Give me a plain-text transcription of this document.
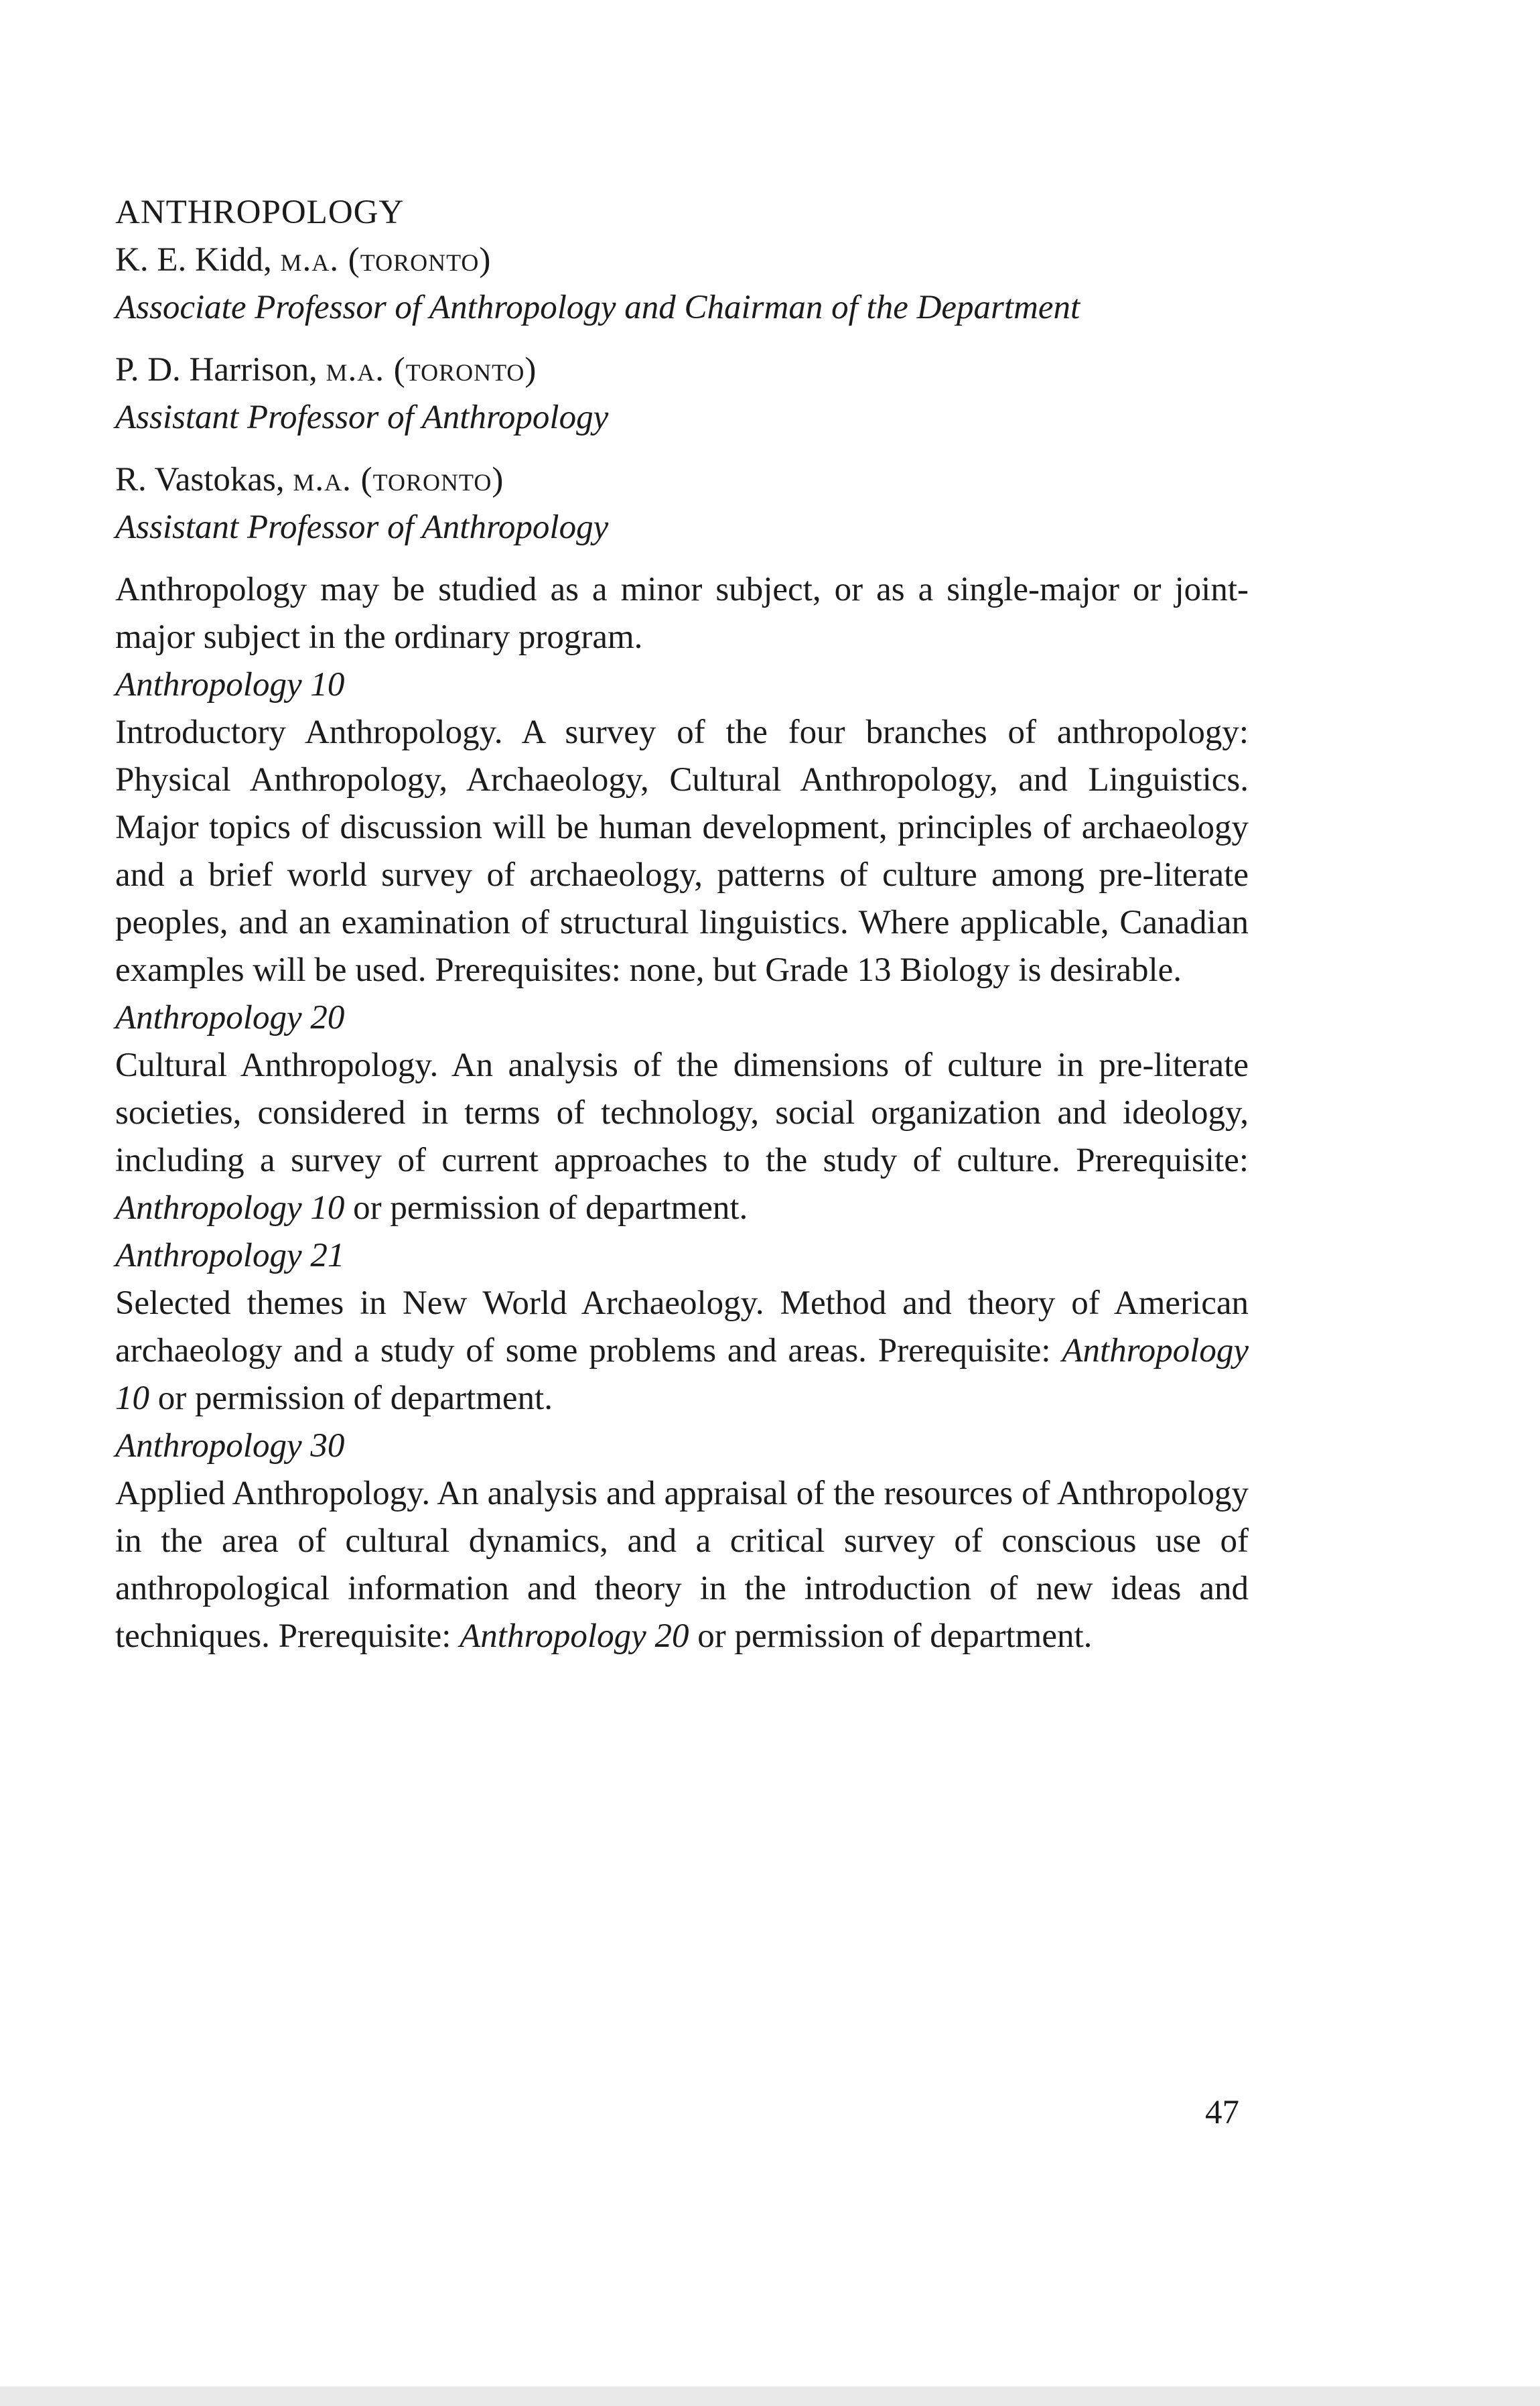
ANTHROPOLOGY
K. E. Kidd, m.a. (toronto)
Associate Professor of Anthropology and Chairman of the Department
P. D. Harrison, m.a. (toronto)
Assistant Professor of Anthropology
R. Vastokas, m.a. (toronto)
Assistant Professor of Anthropology

Anthropology may be studied as a minor subject, or as a single-major or joint-major subject in the ordinary program.

Anthropology 10

Introductory Anthropology. A survey of the four branches of anthropology: Physical Anthropology, Archaeology, Cultural Anthropology, and Linguistics. Major topics of discussion will be human development, principles of archaeology and a brief world survey of archaeology, patterns of culture among pre-literate peoples, and an examination of structural linguistics. Where applicable, Canadian examples will be used. Prerequisites: none, but Grade 13 Biology is desirable.

Anthropology 20

Cultural Anthropology. An analysis of the dimensions of culture in pre-literate societies, considered in terms of technology, social organization and ideology, including a survey of current approaches to the study of culture. Prerequisite: Anthropology 10 or permission of department.

Anthropology 21

Selected themes in New World Archaeology. Method and theory of American archaeology and a study of some problems and areas. Prerequisite: Anthropology 10 or permission of department.

Anthropology 30

Applied Anthropology. An analysis and appraisal of the resources of Anthropology in the area of cultural dynamics, and a critical survey of conscious use of anthropological information and theory in the introduction of new ideas and techniques. Prerequisite: Anthropology 20 or permission of department.

47
